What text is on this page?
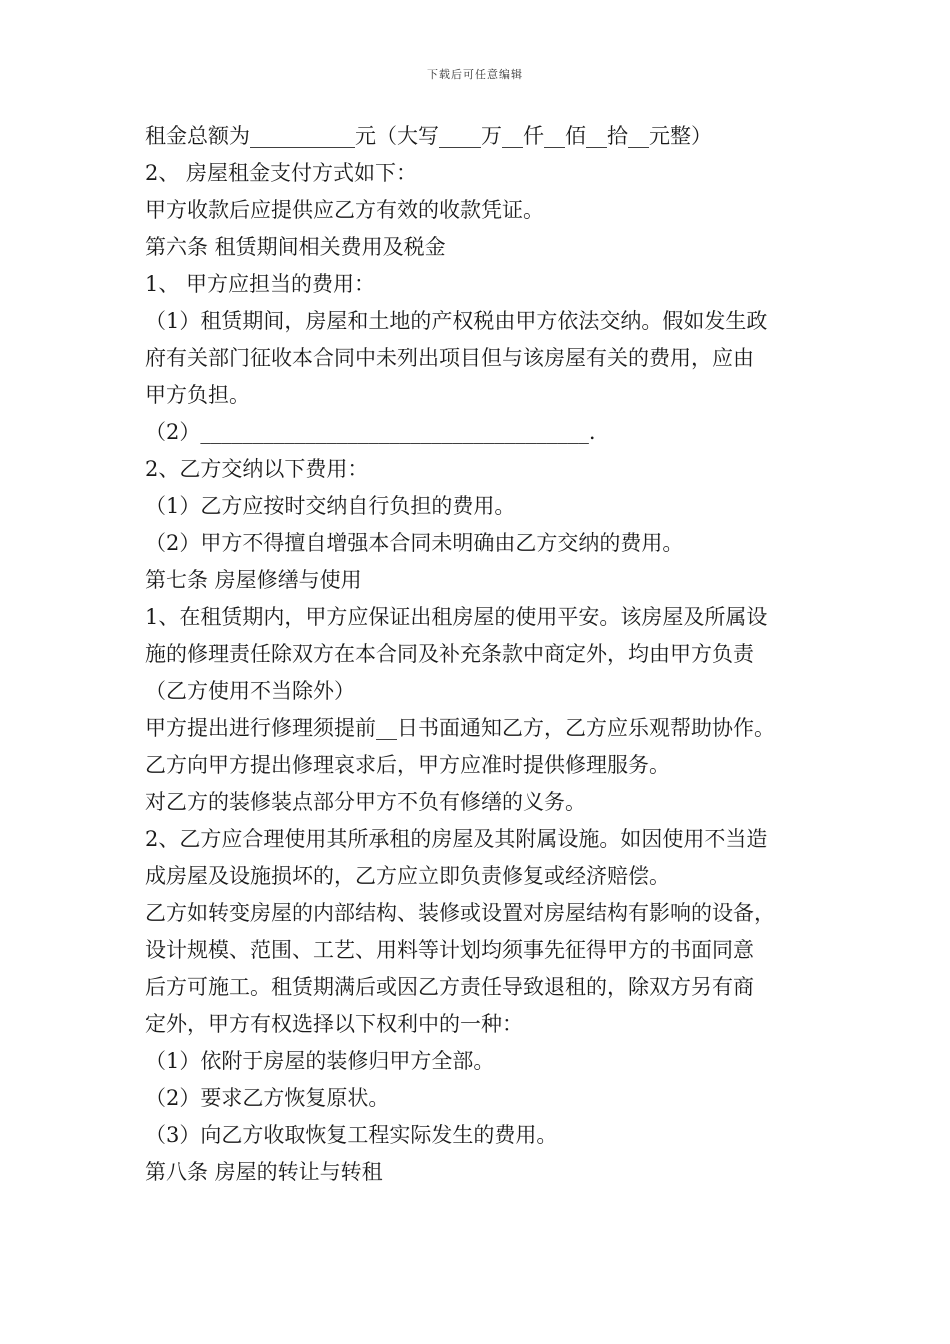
下载后可任意编辑
租金总额为__________元（大写____万__仟__佰__拾__元整）
2、 房屋租金支付方式如下：
甲方收款后应提供应乙方有效的收款凭证。
第六条 租赁期间相关费用及税金
1、 甲方应担当的费用：
（1）租赁期间，房屋和土地的产权税由甲方依法交纳。假如发生政
府有关部门征收本合同中未列出项目但与该房屋有关的费用，应由
甲方负担。
（2）_____________________________________.
2、乙方交纳以下费用：
（1）乙方应按时交纳自行负担的费用。
（2）甲方不得擅自增强本合同未明确由乙方交纳的费用。
第七条 房屋修缮与使用
1、在租赁期内，甲方应保证出租房屋的使用平安。该房屋及所属设
施的修理责任除双方在本合同及补充条款中商定外，均由甲方负责
（乙方使用不当除外）
甲方提出进行修理须提前__日书面通知乙方，乙方应乐观帮助协作。
乙方向甲方提出修理哀求后，甲方应准时提供修理服务。
对乙方的装修装点部分甲方不负有修缮的义务。
2、乙方应合理使用其所承租的房屋及其附属设施。如因使用不当造
成房屋及设施损坏的，乙方应立即负责修复或经济赔偿。
乙方如转变房屋的内部结构、装修或设置对房屋结构有影响的设备，
设计规模、范围、工艺、用料等计划均须事先征得甲方的书面同意
后方可施工。租赁期满后或因乙方责任导致退租的，除双方另有商
定外，甲方有权选择以下权利中的一种：
（1）依附于房屋的装修归甲方全部。
（2）要求乙方恢复原状。
（3）向乙方收取恢复工程实际发生的费用。
第八条 房屋的转让与转租
